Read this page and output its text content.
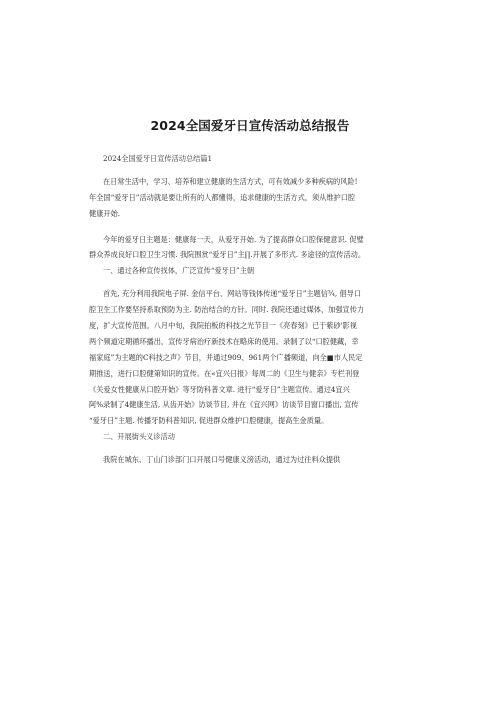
2024全国爱牙日宣传活动总结报告
2024全国爱牙日宣传活动总结篇1
在日常生活中，学习、培养和建立健康的生活方式，可有效减少多种疾病的风险!
年全国“爱牙日”活动就是要让所有的人都懂得，追求健康的生活方式，须从维护口腔
健康开始.
今年的爱牙日主题是：健康每一天，从爱牙开始. 为了提高群众口腔保健意识. 促璧
群众养成良好口腔卫生习惯. 我院围赏“爱牙日”主∏.开展了多形式. 多途径的宣传活动。
一、通过各种宣传找体，广泛宣传“爱牙日”主朝
首先, 充分利用我院电子屏. 金信平台、网站等钱体传递“爱牙日”主题信¾, 倡导口
腔卫生工作要坚持系取预防为主. 防治结合的方针。同时. 我院还通过媒体，加强宣传力
度，扩大宣传范围。八月中旬，我院拍板的科技之光节目一《亮春刻》已于紫砂'影视
两个频道定期循环播出，宣传牙病治疗新技术在略床的使用。录制了以“口腔健藏，幸
福家庭”为主题的C科技之声》节目，并通过909、961两个广播频道，向全■市人民定
期推送，进行口腔健第知识的宣传。在«宜兴日报》每周二的《卫生与健亲》专栏刊登
《关爱女性健康从口腔开始》等牙防科普文章. 进行“爱牙日”主题宣传。通过4宜兴
阿%录制了4健康生活, 从齿开始》访谈节目, 并在《宜兴网》访谈节目窗口播出, 宣传
“爱牙日”主题. 传播牙防科普知识, 促进群众维护口腔健康，提高生金质量。
二、开展街头义诊活动
我院在城东、丁山门诊部门口开展口号健康义滂活动，通过为过往料众提供
